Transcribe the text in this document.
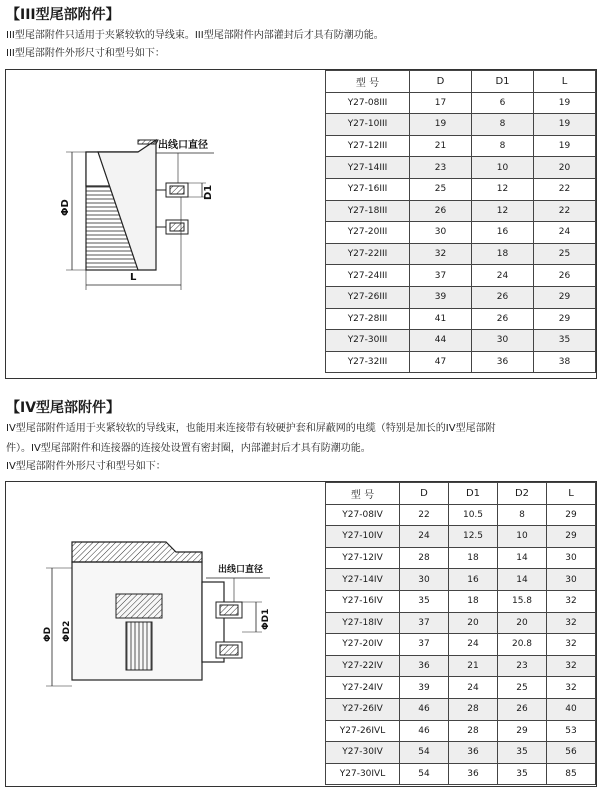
【III型尾部附件】
III型尾部附件只适用于夹紧较软的导线束。III型尾部附件内部灌封后才具有防潮功能。
III型尾部附件外形尺寸和型号如下：
ΦD
L
D1
出线口直径
型 号	D	D1	L
Y27-08III	17	6	19
Y27-10III	19	8	19
Y27-12III	21	8	19
Y27-14III	23	10	20
Y27-16III	25	12	22
Y27-18III	26	12	22
Y27-20III	30	16	24
Y27-22III	32	18	25
Y27-24III	37	24	26
Y27-26III	39	26	29
Y27-28III	41	26	29
Y27-30III	44	30	35
Y27-32III	47	36	38
【IV型尾部附件】
IV型尾部附件适用于夹紧较软的导线束，也能用来连接带有较硬护套和屏蔽网的电缆（特别是加长的IV型尾部附
件）。IV型尾部附件和连接器的连接处设置有密封圈，内部灌封后才具有防潮功能。
IV型尾部附件外形尺寸和型号如下：
ΦD ΦD2
ΦD1
出线口直径
型 号	D	D1	D2	L
Y27-08IV	22	10.5	8	29
Y27-10IV	24	12.5	10	29
Y27-12IV	28	18	14	30
Y27-14IV	30	16	14	30
Y27-16IV	35	18	15.8	32
Y27-18IV	37	20	20	32
Y27-20IV	37	24	20.8	32
Y27-22IV	36	21	23	32
Y27-24IV	39	24	25	32
Y27-26IV	46	28	26	40
Y27-26IVL	46	28	29	53
Y27-30IV	54	36	35	56
Y27-30IVL	54	36	35	85
